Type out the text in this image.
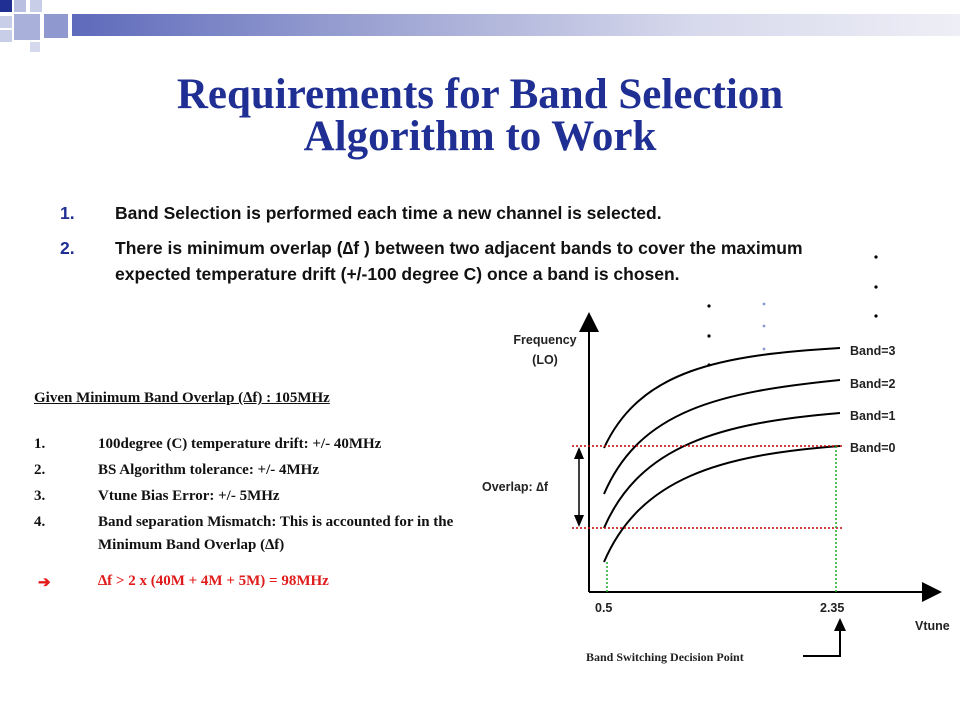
Requirements for Band Selection
Algorithm to Work
1. Band Selection is performed each time a new channel is selected.
2. There is minimum overlap (∆f ) between two adjacent bands to cover the maximum expected temperature drift (+/-100 degree C) once a band is chosen.
Given Minimum Band Overlap (∆f) : 105MHz
1.	100degree (C) temperature drift: +/- 40MHz
2.	BS Algorithm tolerance: +/- 4MHz
3.	Vtune Bias Error: +/- 5MHz
4.	Band separation Mismatch: This is accounted for in the Minimum Band Overlap (∆f)
➔	∆f > 2 x (40M + 4M + 5M) = 98MHz
Frequency
(LO)
Vtune
Band=3
Band=2
Band=1
Band=0
Overlap: ∆f
0.5	2.35
Band Switching Decision Point
